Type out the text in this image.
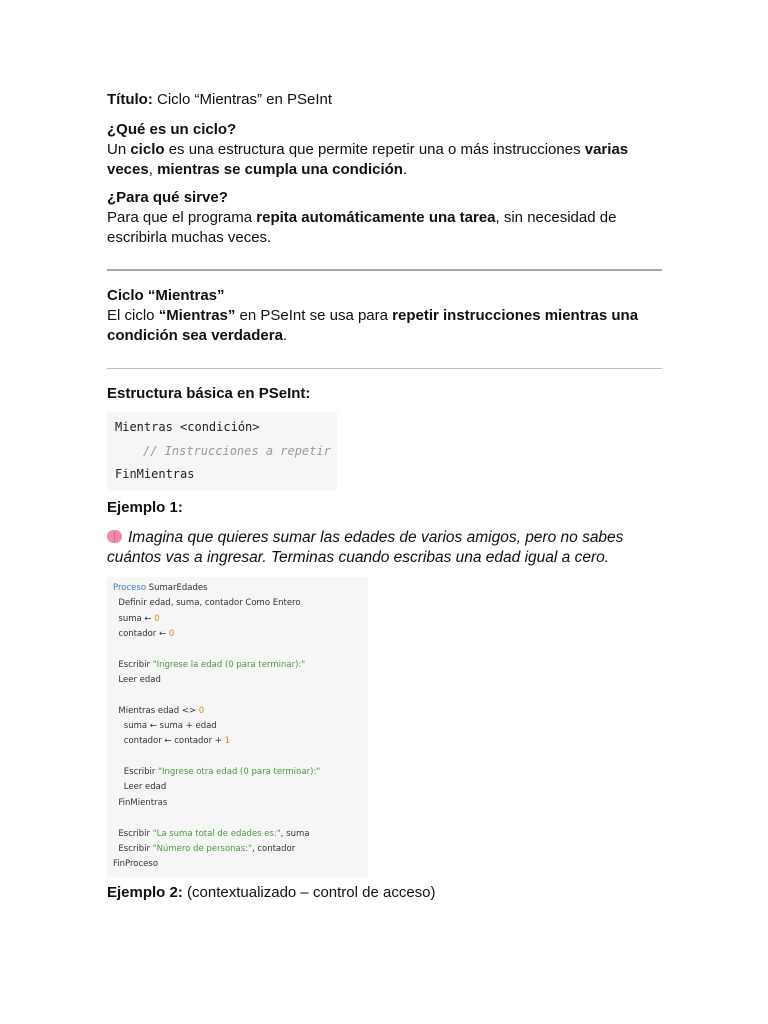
Título: Ciclo “Mientras” en PSeInt
¿Qué es un ciclo?
Un ciclo es una estructura que permite repetir una o más instrucciones varias
veces, mientras se cumpla una condición.
¿Para qué sirve?
Para que el programa repita automáticamente una tarea, sin necesidad de
escribirla muchas veces.
Ciclo “Mientras”
El ciclo “Mientras” en PSeInt se usa para repetir instrucciones mientras una
condición sea verdadera.
Estructura básica en PSeInt:
Mientras <condición>
// Instrucciones a repetir
FinMientras
Ejemplo 1:
Imagina que quieres sumar las edades de varios amigos, pero no sabes
cuántos vas a ingresar. Terminas cuando escribas una edad igual a cero.
Proceso SumarEdades
Definir edad, suma, contador Como Entero
suma ← 0
contador ← 0
Escribir "Ingrese la edad (0 para terminar):"
Leer edad
Mientras edad <> 0
suma ← suma + edad
contador ← contador + 1
Escribir "Ingrese otra edad (0 para terminar):"
Leer edad
FinMientras
Escribir "La suma total de edades es:", suma
Escribir "Número de personas:", contador
FinProceso
Ejemplo 2: (contextualizado – control de acceso)
